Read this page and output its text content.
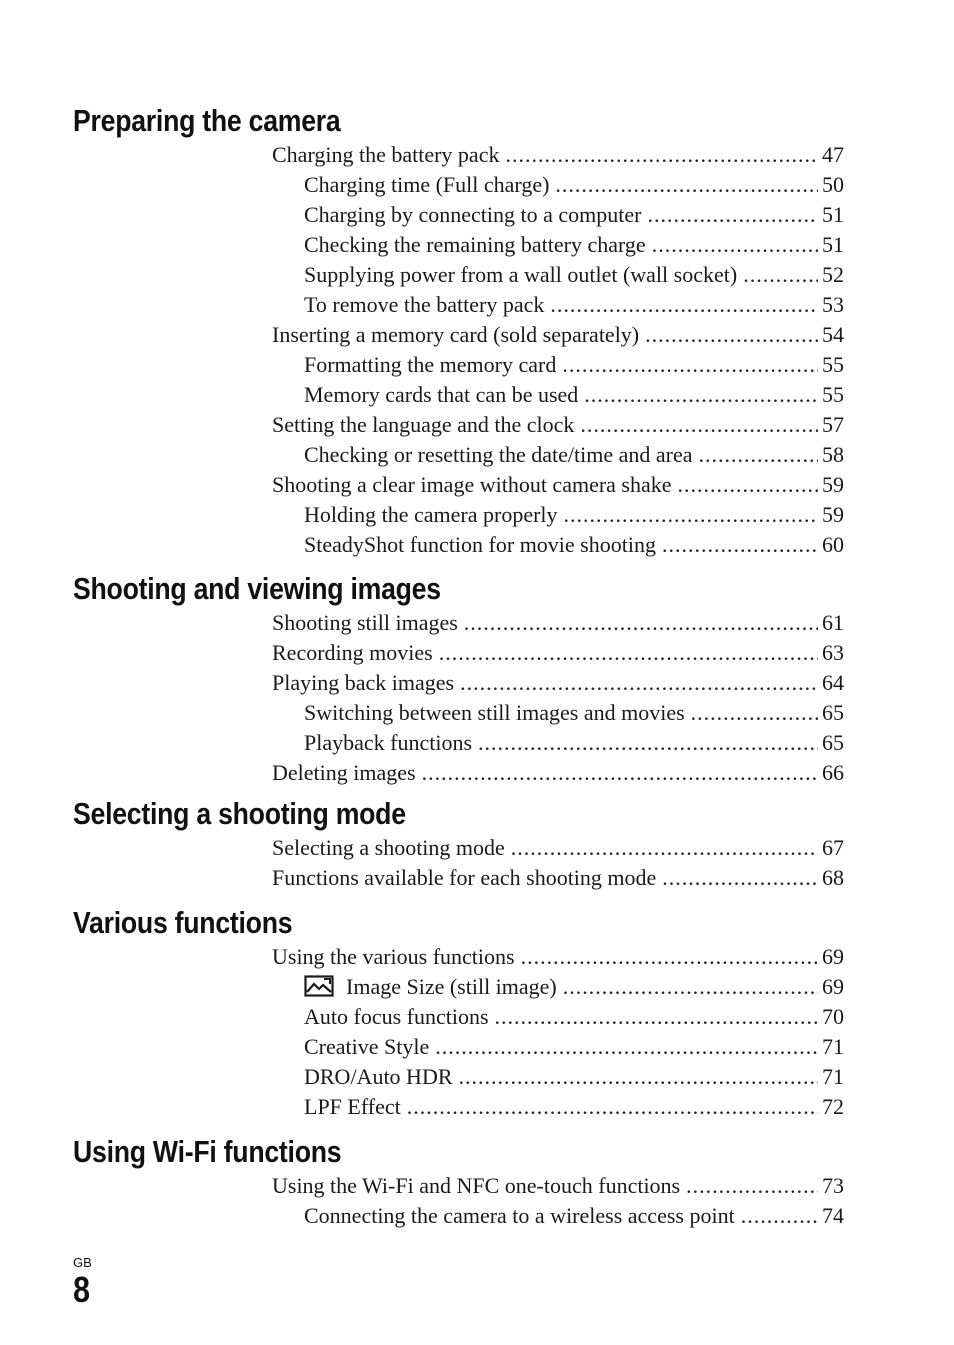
Preparing the camera
Charging the battery pack .....	47
Charging time (Full charge) .....	50
Charging by connecting to a computer .....	51
Checking the remaining battery charge .....	51
Supplying power from a wall outlet (wall socket) .....	52
To remove the battery pack .....	53
Inserting a memory card (sold separately) .....	54
Formatting the memory card .....	55
Memory cards that can be used .....	55
Setting the language and the clock .....	57
Checking or resetting the date/time and area .....	58
Shooting a clear image without camera shake .....	59
Holding the camera properly .....	59
SteadyShot function for movie shooting .....	60
Shooting and viewing images
Shooting still images .....	61
Recording movies .....	63
Playing back images .....	64
Switching between still images and movies .....	65
Playback functions .....	65
Deleting images .....	66
Selecting a shooting mode
Selecting a shooting mode .....	67
Functions available for each shooting mode .....	68
Various functions
Using the various functions .....	69
Image Size (still image) .....	69
Auto focus functions .....	70
Creative Style .....	71
DRO/Auto HDR .....	71
LPF Effect .....	72
Using Wi-Fi functions
Using the Wi-Fi and NFC one-touch functions .....	73
Connecting the camera to a wireless access point .....	74
GB
8
